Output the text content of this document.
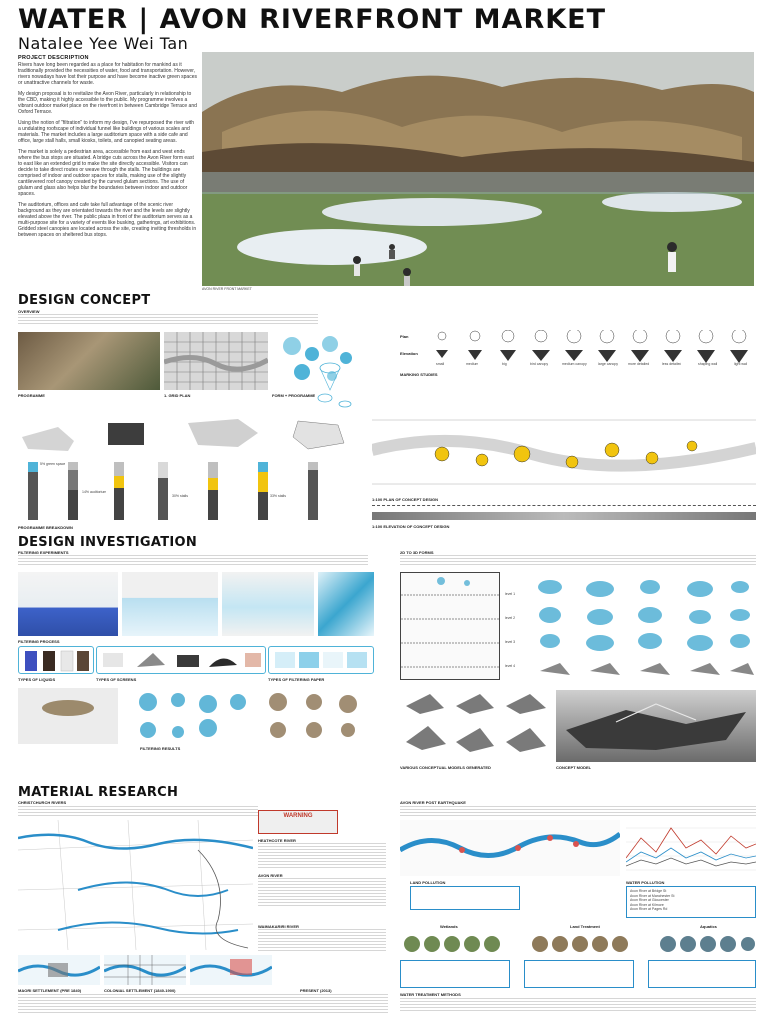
WATER | AVON RIVERFRONT MARKET
Natalee Yee Wei Tan
PROJECT DESCRIPTION

Rivers have long been regarded as a place for habitation for mankind as it traditionally provided the necessities of water, food and transportation. However, rivers nowadays have lost their purpose and have become inactive green spaces or unattractive channels for waste.

My design proposal is to revitalize the Avon River, particularly in relationship to the CBD, making it highly accessible to the public. My programme involves a vibrant outdoor market place on the riverfront in between Cambridge Terrace and Oxford Terrace.

Using the notion of "filtration" to inform my design, I've repurposed the river with a undulating roofscape of individual funnel like buildings of various scales and materials. The market includes a large auditorium space with a side cafe and office, large stall halls, small kiosks, toilets, and canopied seating areas.

The market is solely a pedestrian area, accessible from east and west ends where the bus stops are situated. A bridge cuts across the Avon River form east to east like an extended grid to make the site directly accessible. Visitors can decide to take direct routes or weave through the stalls. The buildings are comprised of indoor and outdoor spaces for stalls, making use of the slightly cantilevered roof canopy created by the curved glulam sections. The use of glulam and glass also helps blur the boundaries between indoor and outdoor spaces.

The auditorium, offices and cafe take full advantage of the scenic river background as they are orientated towards the river and the levels are slightly elevated above the river. The public plaza in front of the auditorium serves as a multi-purpose site for a variety of events like busking, gatherings, art exhibitions. Gridded steel canopies are located across the site, creating inviting thresholds in between spaces on sheltered bus stops.

AVON RIVER FRONT MARKET
DESIGN CONCEPT
OVERVIEW
PROGRAMME	1. GRID PLAN	FORM + PROGRAMME
MARKING STUDIES
Plan
Elevation
small	medium	big	bird canopy	medium canopy	large canopy	more detailed	less detailed	shaping wall	light wall
5% green space
14% auditorium
30% stalls	33% stalls
PROGRAMME BREAKDOWN
1:100 PLAN OF CONCEPT DESIGN
1:100 ELEVATION OF CONCEPT DESIGN
DESIGN INVESTIGATION
FILTERING EXPERIMENTS
FILTERING PROCESS
TYPES OF LIQUIDS	TYPES OF SCREENS	TYPES OF FILTERING PAPER
FILTERING RESULTS
2D TO 3D FORMS
level 1
level 2
level 3
level 4
VARIOUS CONCEPTUAL MODELS GENERATED	CONCEPT MODEL
MATERIAL RESEARCH
CHRISTCHURCH RIVERS
WARNING
HEATHCOTE RIVER
AVON RIVER
WAIMAKARIRI RIVER
MAORI SETTLEMENT (PRE 1840)	COLONIAL SETTLEMENT (1840-1900)	PRESENT (2013)
AVON RIVER POST EARTHQUAKE
LAND POLLUTION	WATER POLLUTION
Avon River at Bridge St
Avon River at Manchester St
Avon River at Gloucester
Avon River at Kilmore
Avon River at Pages Rd
Wetlands	Land Treatment	Aquatics
WATER TREATMENT METHODS
